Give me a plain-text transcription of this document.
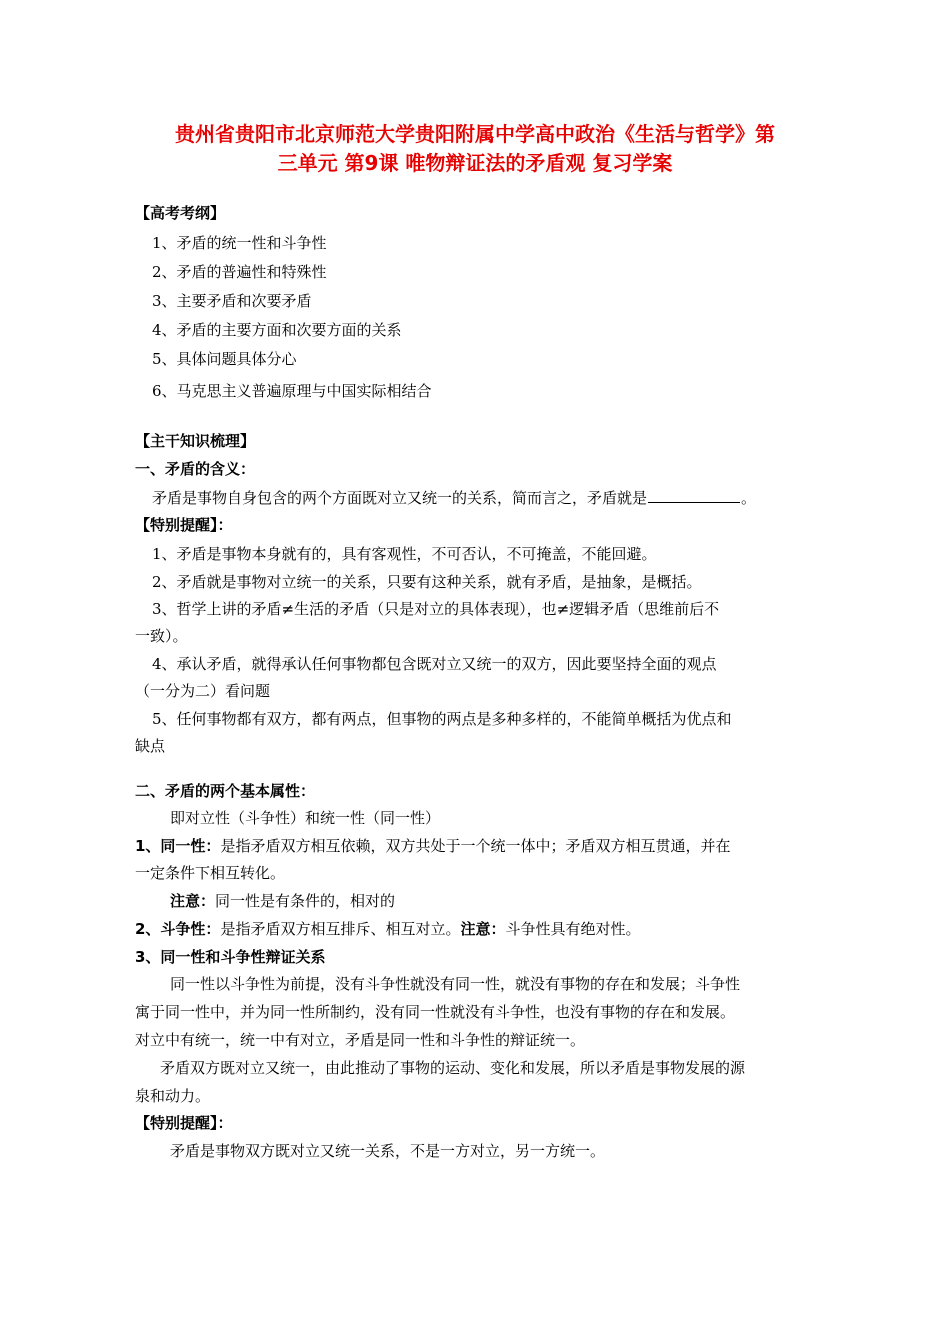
贵州省贵阳市北京师范大学贵阳附属中学高中政治《生活与哲学》第
三单元 第9课 唯物辩证法的矛盾观 复习学案
【高考考纲】
1、矛盾的统一性和斗争性
2、矛盾的普遍性和特殊性
3、主要矛盾和次要矛盾
4、矛盾的主要方面和次要方面的关系
5、具体问题具体分心
6、马克思主义普遍原理与中国实际相结合
【主干知识梳理】
一、矛盾的含义：
矛盾是事物自身包含的两个方面既对立又统一的关系，简而言之，矛盾就是	。
【特别提醒】：
1、矛盾是事物本身就有的，具有客观性，不可否认，不可掩盖，不能回避。
2、矛盾就是事物对立统一的关系，只要有这种关系，就有矛盾，是抽象，是概括。
3、哲学上讲的矛盾≠生活的矛盾（只是对立的具体表现），也≠逻辑矛盾（思维前后不
一致）。
4、承认矛盾，就得承认任何事物都包含既对立又统一的双方，因此要坚持全面的观点
（一分为二）看问题
5、任何事物都有双方，都有两点，但事物的两点是多种多样的，不能简单概括为优点和
缺点
二、矛盾的两个基本属性：
即对立性（斗争性）和统一性（同一性）
1、同一性：是指矛盾双方相互依赖，双方共处于一个统一体中；矛盾双方相互贯通，并在
一定条件下相互转化。
注意：同一性是有条件的，相对的
2、斗争性：是指矛盾双方相互排斥、相互对立。注意：斗争性具有绝对性。
3、同一性和斗争性辩证关系
同一性以斗争性为前提，没有斗争性就没有同一性，就没有事物的存在和发展；斗争性
寓于同一性中，并为同一性所制约，没有同一性就没有斗争性，也没有事物的存在和发展。
对立中有统一，统一中有对立，矛盾是同一性和斗争性的辩证统一。
矛盾双方既对立又统一，由此推动了事物的运动、变化和发展，所以矛盾是事物发展的源
泉和动力。
【特别提醒】：
矛盾是事物双方既对立又统一关系，不是一方对立，另一方统一。
